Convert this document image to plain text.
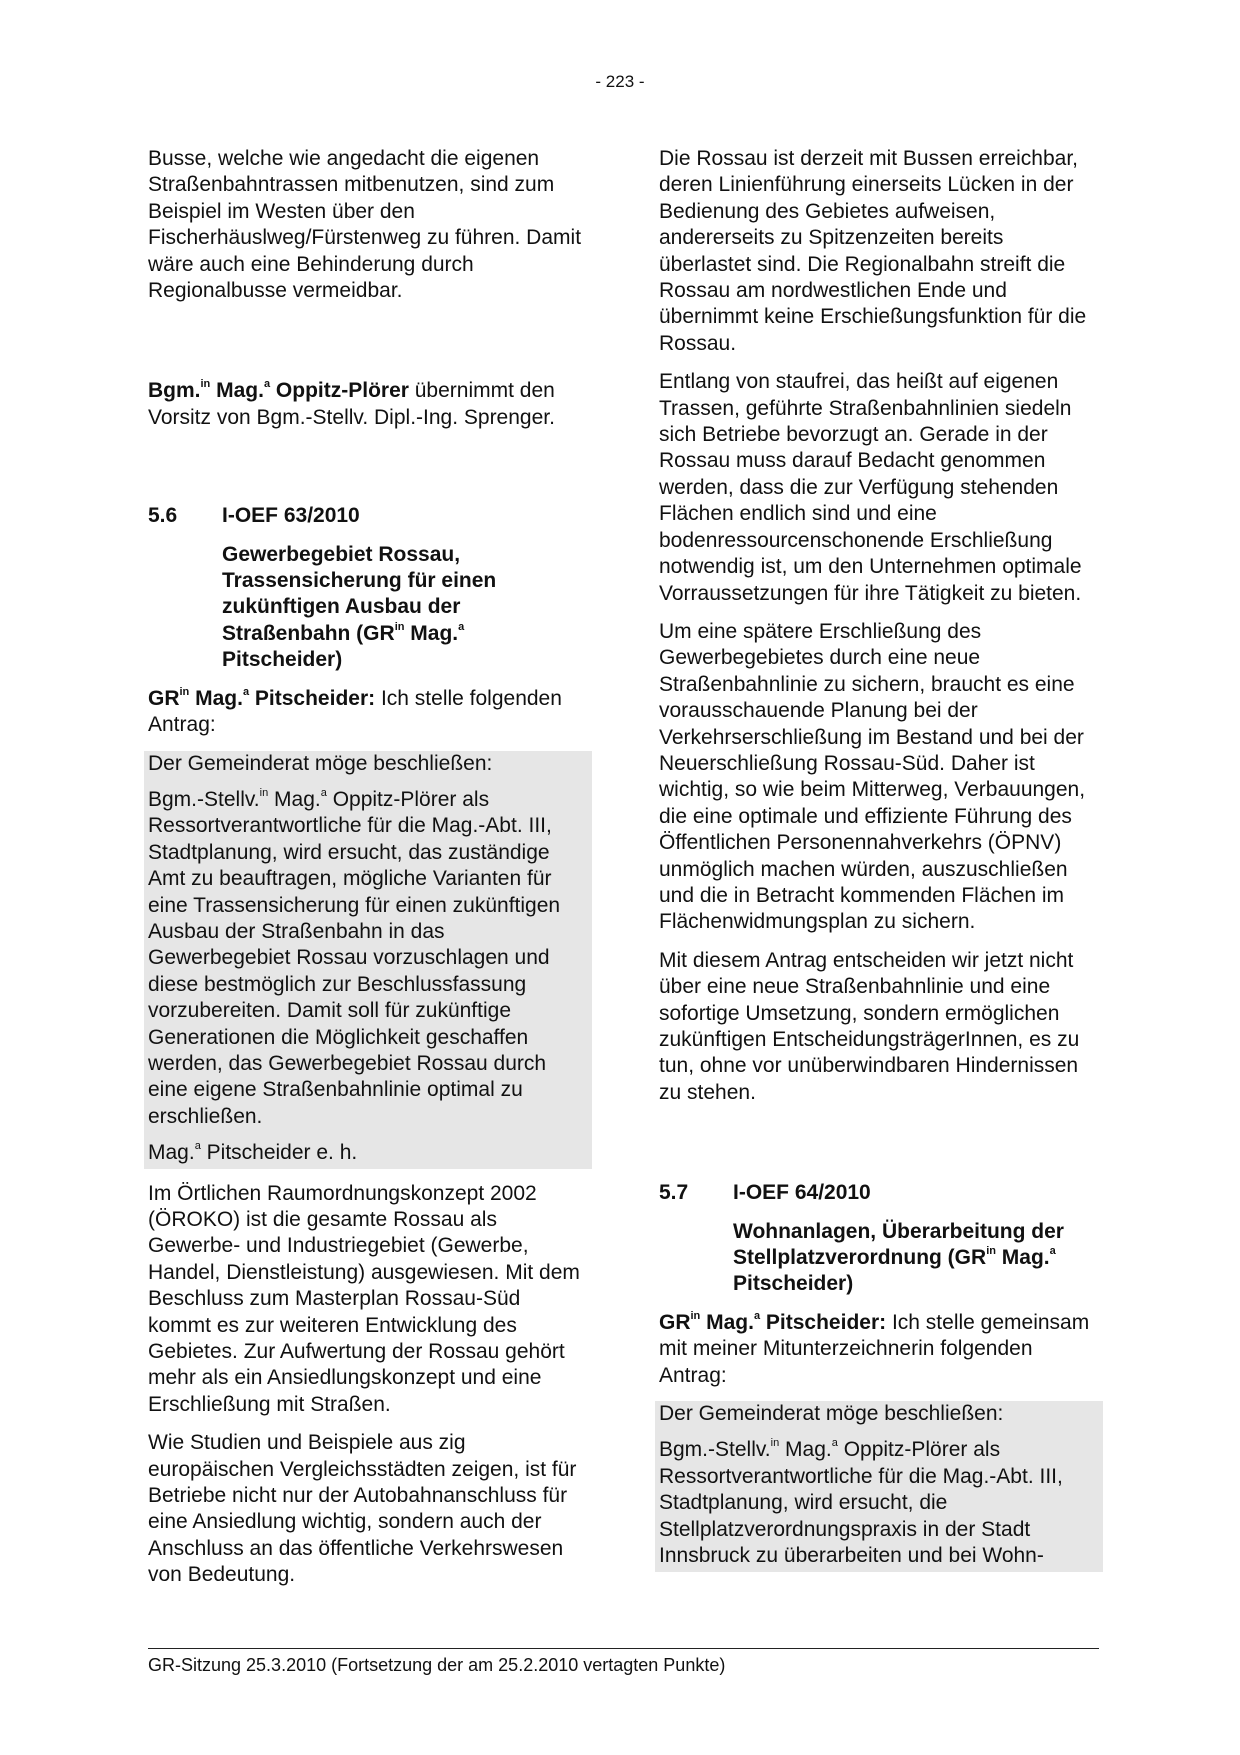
- 223 -

Busse, welche wie angedacht die eigenen Straßenbahntrassen mitbenutzen, sind zum Beispiel im Westen über den Fischerhäuslweg/Fürstenweg zu führen. Damit wäre auch eine Behinderung durch Regionalbusse vermeidbar.

Bgm.$^{in}$ Mag.$^a$ Oppitz-Plörer übernimmt den Vorsitz von Bgm.-Stellv. Dipl.-Ing. Sprenger.

5.6	I-OEF 63/2010
Gewerbegebiet Rossau, Trassensicherung für einen zukünftigen Ausbau der Straßenbahn ($GR^{in}$ Mag.$^a$ Pitscheider)

$GR^{in}$ Mag.$^a$ Pitscheider: Ich stelle folgenden Antrag:

Der Gemeinderat möge beschließen:

Bgm.-Stellv.$^{in}$ Mag.$^a$ Oppitz-Plörer als Ressortverantwortliche für die Mag.-Abt. III, Stadtplanung, wird ersucht, das zuständige Amt zu beauftragen, mögliche Varianten für eine Trassensicherung für einen zukünftigen Ausbau der Straßenbahn in das Gewerbegebiet Rossau vorzuschlagen und diese bestmöglich zur Beschlussfassung vorzubereiten. Damit soll für zukünftige Generationen die Möglichkeit geschaffen werden, das Gewerbegebiet Rossau durch eine eigene Straßenbahnlinie optimal zu erschließen.

Mag.$^a$ Pitscheider e. h.

Im Örtlichen Raumordnungskonzept 2002 (ÖROKO) ist die gesamte Rossau als Gewerbe- und Industriegebiet (Gewerbe, Handel, Dienstleistung) ausgewiesen. Mit dem Beschluss zum Masterplan Rossau-Süd kommt es zur weiteren Entwicklung des Gebietes. Zur Aufwertung der Rossau gehört mehr als ein Ansiedlungskonzept und eine Erschließung mit Straßen.

Wie Studien und Beispiele aus zig europäischen Vergleichsstädten zeigen, ist für Betriebe nicht nur der Autobahnanschluss für eine Ansiedlung wichtig, sondern auch der Anschluss an das öffentliche Verkehrswesen von Bedeutung.

Die Rossau ist derzeit mit Bussen erreichbar, deren Linienführung einerseits Lücken in der Bedienung des Gebietes aufweisen, andererseits zu Spitzenzeiten bereits überlastet sind. Die Regionalbahn streift die Rossau am nordwestlichen Ende und übernimmt keine Erschießungsfunktion für die Rossau.

Entlang von staufrei, das heißt auf eigenen Trassen, geführte Straßenbahnlinien siedeln sich Betriebe bevorzugt an. Gerade in der Rossau muss darauf Bedacht genommen werden, dass die zur Verfügung stehenden Flächen endlich sind und eine bodenressourcenschonende Erschließung notwendig ist, um den Unternehmen optimale Vorraussetzungen für ihre Tätigkeit zu bieten.

Um eine spätere Erschließung des Gewerbegebietes durch eine neue Straßenbahnlinie zu sichern, braucht es eine vorausschauende Planung bei der Verkehrserschließung im Bestand und bei der Neuerschließung Rossau-Süd. Daher ist wichtig, so wie beim Mitterweg, Verbauungen, die eine optimale und effiziente Führung des Öffentlichen Personennahverkehrs (ÖPNV) unmöglich machen würden, auszuschließen und die in Betracht kommenden Flächen im Flächenwidmungsplan zu sichern.

Mit diesem Antrag entscheiden wir jetzt nicht über eine neue Straßenbahnlinie und eine sofortige Umsetzung, sondern ermöglichen zukünftigen EntscheidungsträgerInnen, es zu tun, ohne vor unüberwindbaren Hindernissen zu stehen.

5.7	I-OEF 64/2010
Wohnanlagen, Überarbeitung der Stellplatzverordnung ($GR^{in}$ Mag.$^a$ Pitscheider)

$GR^{in}$ Mag.$^a$ Pitscheider: Ich stelle gemeinsam mit meiner Mitunterzeichnerin folgenden Antrag:

Der Gemeinderat möge beschließen:

Bgm.-Stellv.$^{in}$ Mag.$^a$ Oppitz-Plörer als Ressortverantwortliche für die Mag.-Abt. III, Stadtplanung, wird ersucht, die Stellplatzverordnungspraxis in der Stadt Innsbruck zu überarbeiten und bei Wohn-

GR-Sitzung 25.3.2010 (Fortsetzung der am 25.2.2010 vertagten Punkte)
